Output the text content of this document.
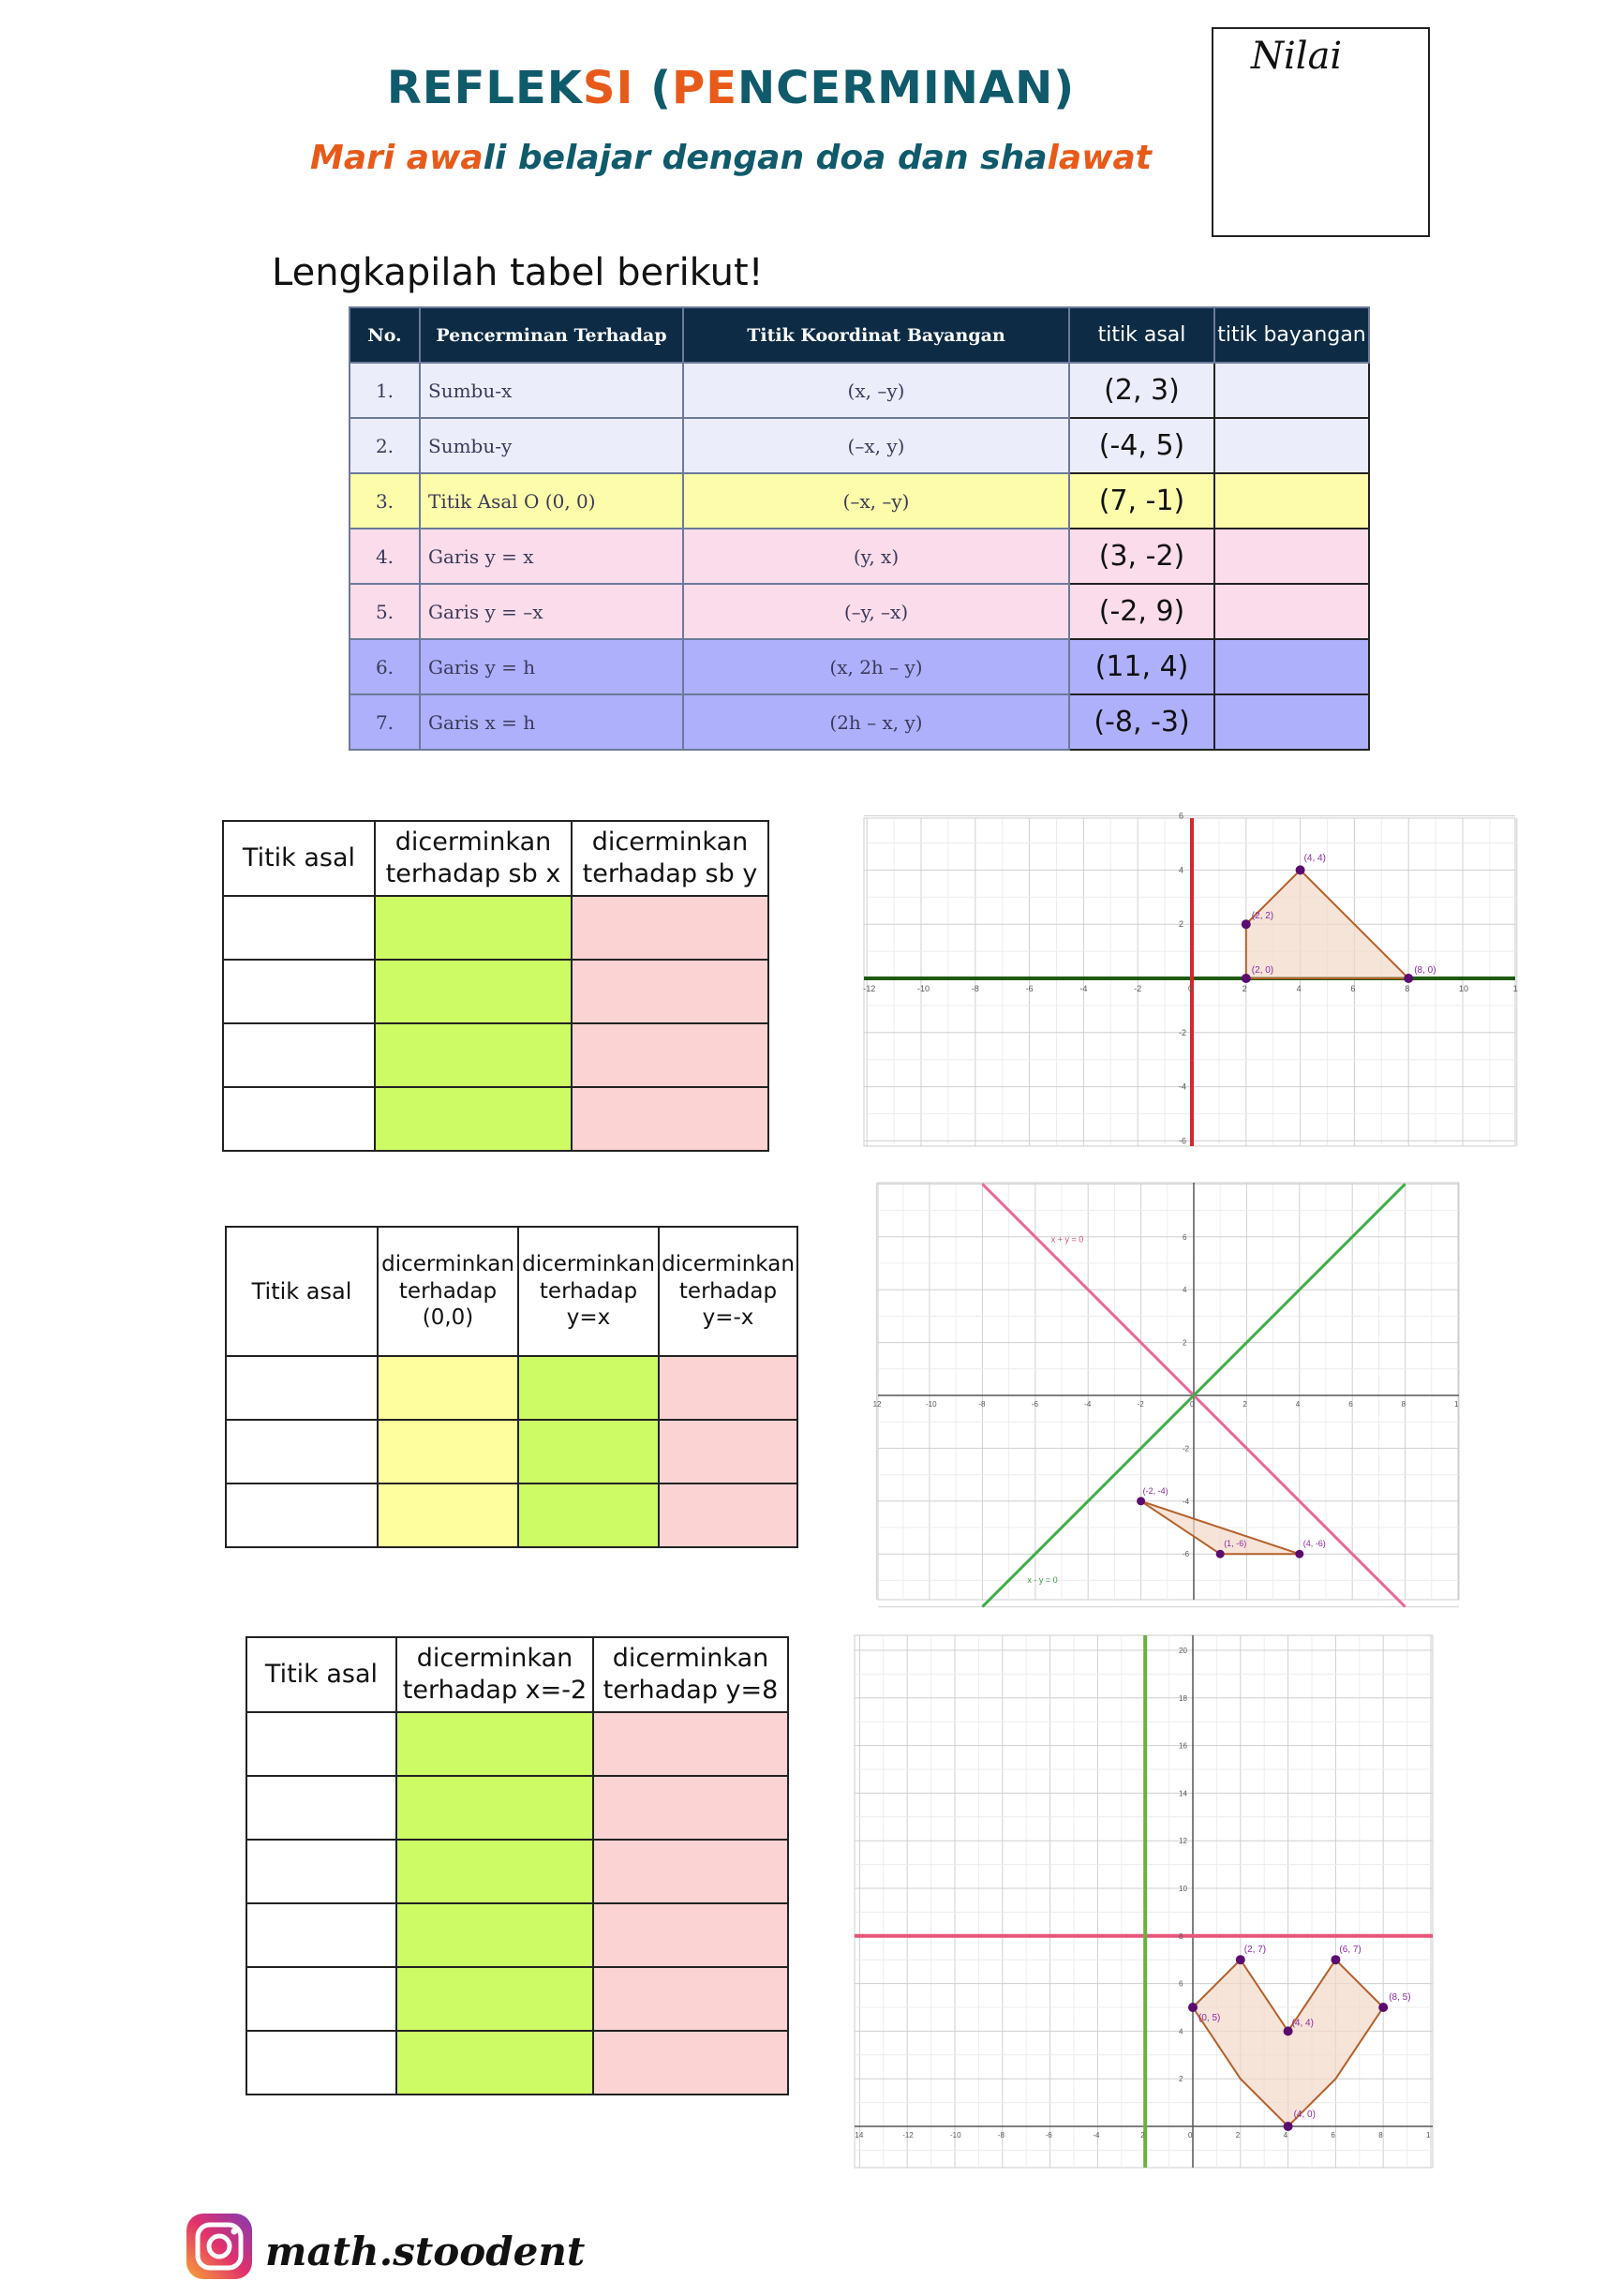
REFLEKSI (PENCERMINAN)
Mari awali belajar dengan doa dan shalawat
Nilai
Lengkapilah tabel berikut!
No.	Pencerminan Terhadap	Titik Koordinat Bayangan	titik asal	titik bayangan
1.	Sumbu-x	(x, –y)	(2, 3)	
2.	Sumbu-y	(–x, y)	(-4, 5)	
3.	Titik Asal O (0, 0)	(–x, –y)	(7, -1)	
4.	Garis y = x	(y, x)	(3, -2)	
5.	Garis y = –x	(–y, –x)	(-2, 9)	
6.	Garis y = h	(x, 2h – y)	(11, 4)	
7.	Garis x = h	(2h – x, y)	(-8, -3)	
Titik asal	dicerminkan terhadap sb x	dicerminkan terhadap sb y

-12	-10	-8	-6	-4	-2	0	2	4	6	8	10	1
6
4
2
-2
-4
-6
(4, 4)
(2, 2)
(2, 0)	(8, 0)
Titik asal	dicerminkan terhadap (0,0)	dicerminkan terhadap y=x	dicerminkan terhadap y=-x

x + y = 0
x - y = 0
12	-10	-8	-6	-4	-2	0	2	4	6	8	1
6
4
2
-2
-4
-6
(-2, -4)
(1, -6)	(4, -6)
Titik asal	dicerminkan terhadap x=-2	dicerminkan terhadap y=8

14	-12	-10	-8	-6	-4	2	0	2	4	6	8	1
20
18
16
14
12
10
8
6
4
2
(2, 7)	(6, 7)
(0, 5)
(8, 5)
(4, 4)
(4, 0)
math.stoodent
